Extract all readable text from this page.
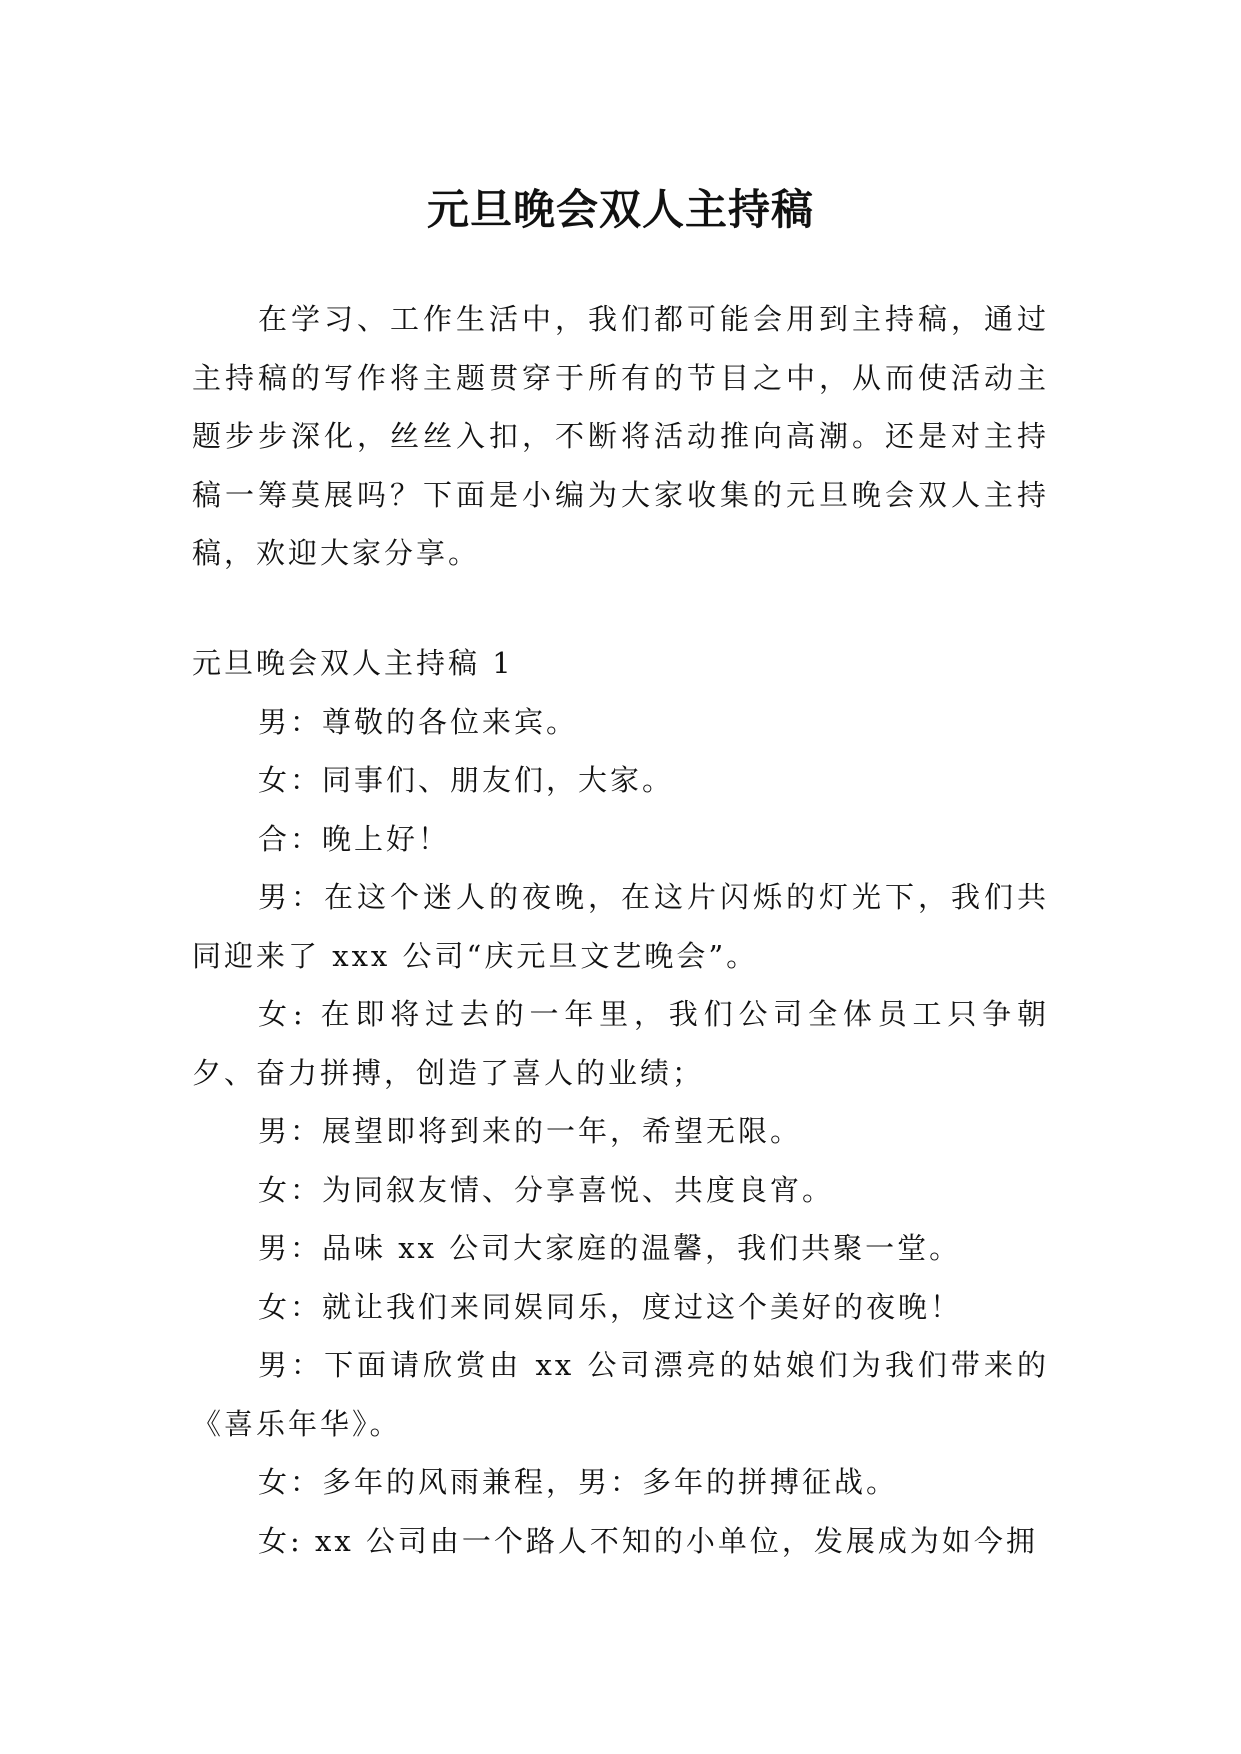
元旦晚会双人主持稿

在学习、工作生活中，我们都可能会用到主持稿，通过主持稿的写作将主题贯穿于所有的节目之中，从而使活动主题步步深化，丝丝入扣，不断将活动推向高潮。还是对主持稿一筹莫展吗？下面是小编为大家收集的元旦晚会双人主持稿，欢迎大家分享。

元旦晚会双人主持稿 1

男：尊敬的各位来宾。

女：同事们、朋友们，大家。

合：晚上好！

男：在这个迷人的夜晚，在这片闪烁的灯光下，我们共同迎来了 xxx 公司“庆元旦文艺晚会”。

女: 在即将过去的一年里，我们公司全体员工只争朝夕、奋力拼搏，创造了喜人的业绩；

男：展望即将到来的一年，希望无限。

女：为同叙友情、分享喜悦、共度良宵。

男：品味 xx 公司大家庭的温馨，我们共聚一堂。

女：就让我们来同娱同乐，度过这个美好的夜晚！

男：下面请欣赏由 xx 公司漂亮的姑娘们为我们带来的《喜乐年华》。

女：多年的风雨兼程，男：多年的拼搏征战。

女: xx 公司由一个路人不知的小单位，发展成为如今拥
